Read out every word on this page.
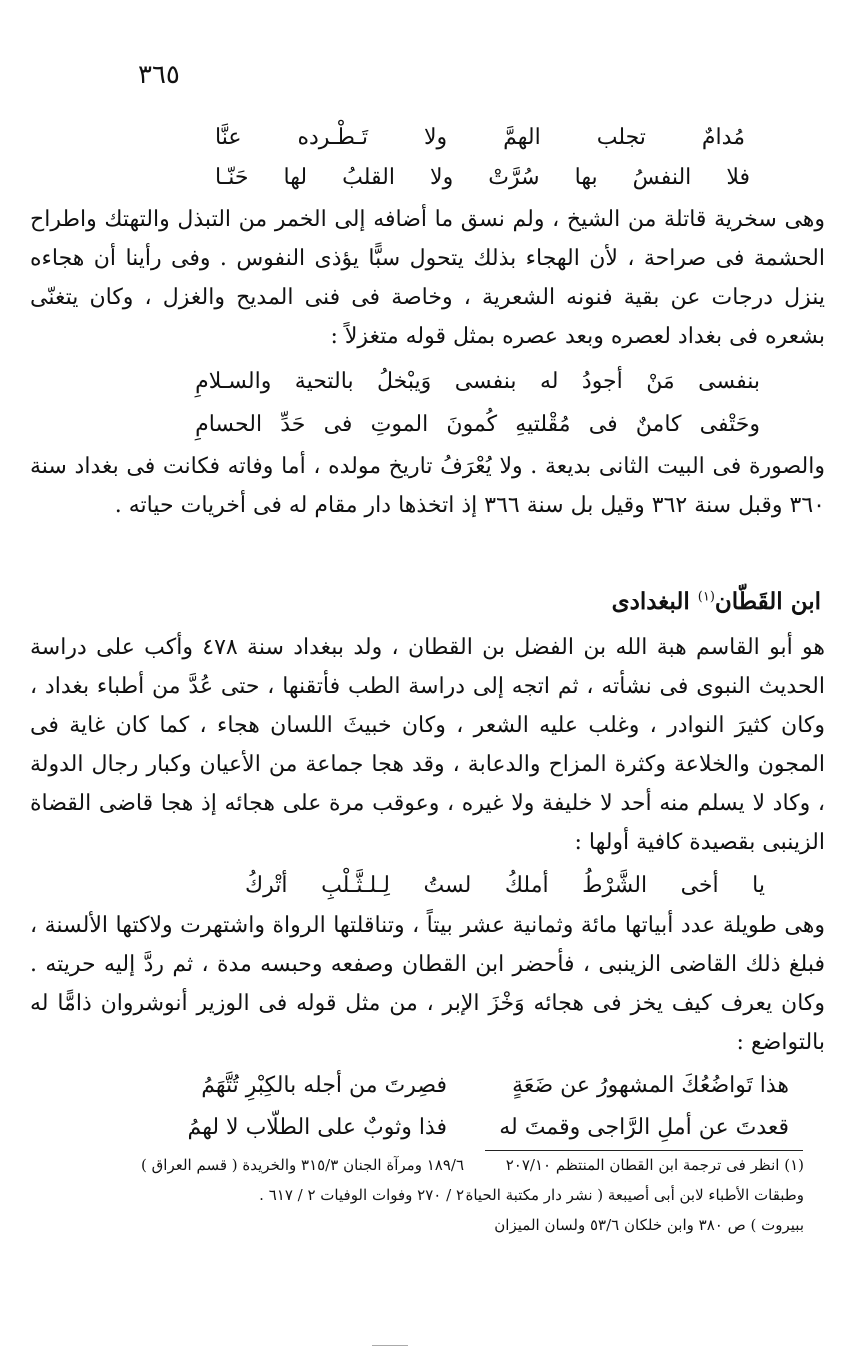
٣٦٥
مُدامٌ
تجلب
الهمَّ
ولا
تَـطْـرده
عنَّا
فلا
النفسُ
بها
سُرَّتْ
ولا
القلبُ
لها
حَنّـا
وهى سخرية قاتلة من الشيخ ، ولم نسق ما أضافه إلى الخمر من التبذل والتهتك واطراح الحشمة فى صراحة ، لأن الهجاء بذلك يتحول سبًّا يؤذى النفوس . وفى رأينا أن هجاءه ينزل درجات عن بقية فنونه الشعرية ، وخاصة فى فنى المديح والغزل ، وكان يتغنّى بشعره فى بغداد لعصره وبعد عصره بمثل قوله متغزلاً :
بنفسى
مَنْ
أجودُ
له
بنفسى
وَيبْخلُ
بالتحية
والسـلامِ
وحَتْفى
كامنٌ
فى
مُقْلتيهِ
كُمونَ
الموتِ
فى
حَدِّ
الحسامِ
والصورة فى البيت الثانى بديعة . ولا يُعْرَفُ تاريخ مولده ، أما وفاته فكانت فى بغداد سنة ٣٦٠ وقبل سنة ٣٦٢ وقيل بل سنة ٣٦٦ إذ اتخذها دار مقام له فى أخريات حياته .
ابن القَطّان$^{(١)}$ البغدادى
هو أبو القاسم هبة الله بن الفضل بن القطان ، ولد ببغداد سنة ٤٧٨ وأكب على دراسة الحديث النبوى فى نشأته ، ثم اتجه إلى دراسة الطب فأتقنها ، حتى عُدَّ من أطباء بغداد ، وكان كثيرَ النوادر ، وغلب عليه الشعر ، وكان خبيثَ اللسان هجاء ، كما كان غاية فى المجون والخلاعة وكثرة المزاح والدعابة ، وقد هجا جماعة من الأعيان وكبار رجال الدولة ، وكاد لا يسلم منه أحد لا خليفة ولا غيره ، وعوقب مرة على هجائه إذ هجا قاضى القضاة الزينبى بقصيدة كافية أولها :
يا
أخى
الشَّرْطُ
أملكُ
لستُ
لِـلـثَّـلْبِ
أتْركُ
وهى طويلة عدد أبياتها مائة وثمانية عشر بيتاً ، وتناقلتها الرواة واشتهرت ولاكتها الألسنة ، فبلغ ذلك القاضى الزينبى ، فأحضر ابن القطان وصفعه وحبسه مدة ، ثم ردَّ إليه حريته . وكان يعرف كيف يخز فى هجائه وَخْزَ الإبر ، من مثل قوله فى الوزير أنوشروان ذامًّا له بالتواضع :
هذا تَواضُعُكَ المشهورُ عن ضَعَةٍ
فصِرتَ من أجله بالكِبْرِ تُتَّهَمُ
قعدتَ عن أملِ الرَّاجى وقمتَ له
فذا وثوبٌ على الطلّاب لا لهمُ
(١) انظر فى ترجمة ابن القطان المنتظم ٢٠٧/١٠
١٨٩/٦ ومرآة الجنان ٣١٥/٣ والخريدة ( قسم العراق )
وطبقات الأطباء لابن أبى أصيبعة ( نشر دار مكتبة الحياة
٢ / ٢٧٠ وفوات الوفيات ٢ / ٦١٧ .
ببيروت ) ص ٣٨٠ وابن خلكان ٥٣/٦ ولسان الميزان
